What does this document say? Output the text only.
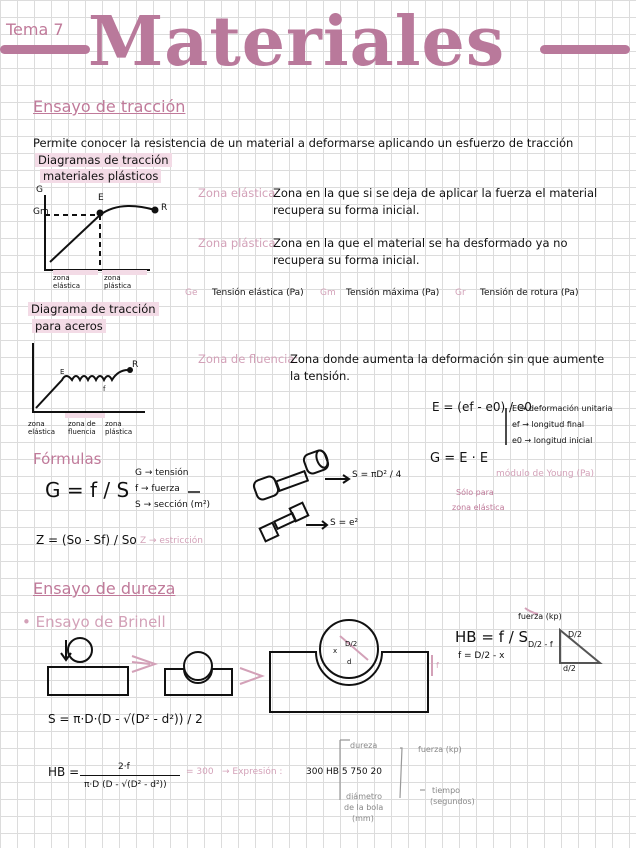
Tema 7 Materiales
Ensayo de tracción
Permite conocer la resistencia de un material a deformarse aplicando un esfuerzo de tracción
Diagramas de tracción
materiales plásticos
G
Gm
E
R
zona elástica
zona plástica
Zona elástica:
Zona en la que si se deja de aplicar la fuerza el material
recupera su forma inicial.
Zona plástica:
Zona en la que el material se ha desformado ya no
recupera su forma inicial.
Ge Tensión elástica (Pa) Gm Tensión máxima (Pa) Gr Tensión de rotura (Pa)
Diagrama de tracción
para aceros
E
f
R
zona elástica
zona de fluencia
zona plástica
Zona de fluencia:
Zona donde aumenta la deformación sin que aumente
la tensión.
E = (ef - e0) / e0
E → deformación unitaria
ef → longitud final
e0 → longitud inicial
Fórmulas
G = f / S
G → tensión
f → fuerza
S → sección (m²)
S = πD² / 4
S = e²
G = E · E
módulo de Young (Pa)
Sólo para
zona elástica
Z = (So - Sf) / So Z → estricción
Ensayo de dureza
• Ensayo de Brinell
HB = f / S
fuerza (kp)
f = D/2 - x
D/2
D/2 - f
d/2
D/2
x
d	f
S = π·D·(D - √(D² - d²)) / 2
HB =	2·f
π·D (D - √(D² - d²))
= 300 → Expresión :	300 HB 5 750 20
dureza	fuerza (kp)
diámetro
de la bola
(mm)
tiempo
(segundos)
